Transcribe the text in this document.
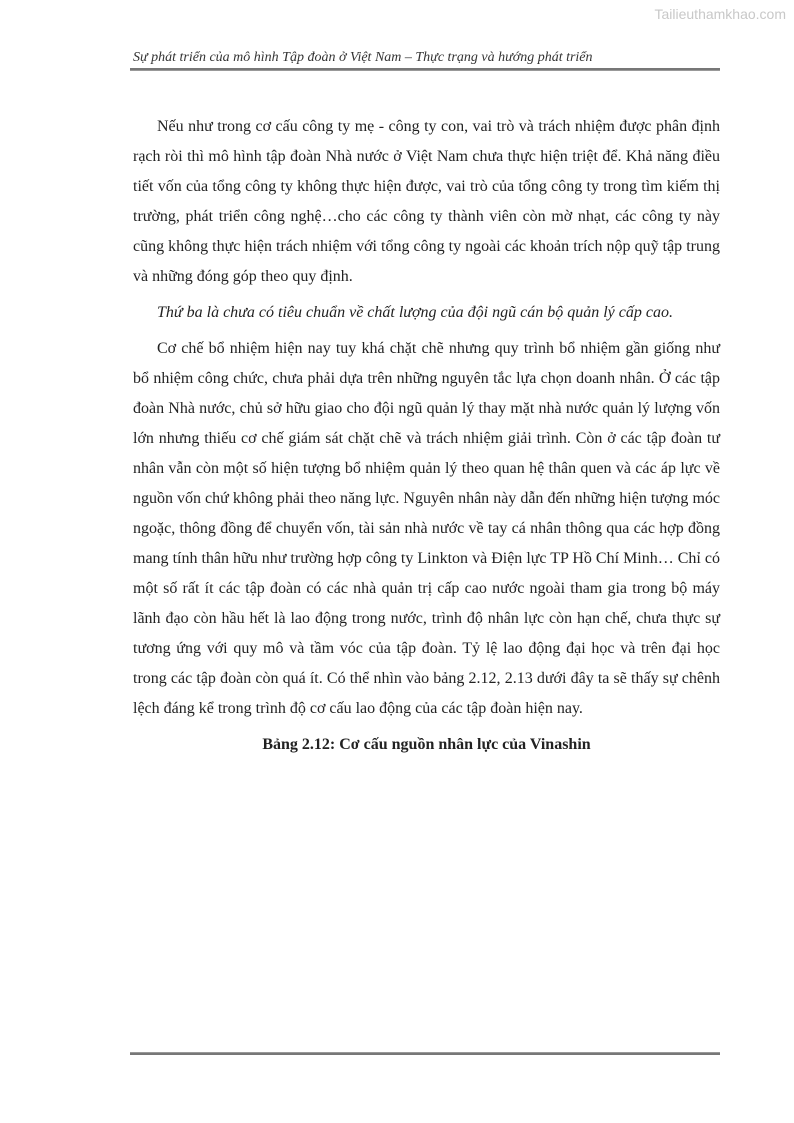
Tailieuthamkhao.com
Sự phát triển của mô hình Tập đoàn ở Việt Nam – Thực trạng và hướng phát triển

Nếu như trong cơ cấu công ty mẹ - công ty con, vai trò và trách nhiệm được phân định rạch ròi thì mô hình tập đoàn Nhà nước ở Việt Nam chưa thực hiện triệt để. Khả năng điều tiết vốn của tổng công ty không thực hiện được, vai trò của tổng công ty trong tìm kiếm thị trường, phát triển công nghệ…cho các công ty thành viên còn mờ nhạt, các công ty này cũng không thực hiện trách nhiệm với tổng công ty ngoài các khoản trích nộp quỹ tập trung và những đóng góp theo quy định.

Thứ ba là chưa có tiêu chuẩn về chất lượng của đội ngũ cán bộ quản lý cấp cao.

Cơ chế bổ nhiệm hiện nay tuy khá chặt chẽ nhưng quy trình bổ nhiệm gần giống như bổ nhiệm công chức, chưa phải dựa trên những nguyên tắc lựa chọn doanh nhân. Ở các tập đoàn Nhà nước, chủ sở hữu giao cho đội ngũ quản lý thay mặt nhà nước quản lý lượng vốn lớn nhưng thiếu cơ chế giám sát chặt chẽ và trách nhiệm giải trình. Còn ở các tập đoàn tư nhân vẫn còn một số hiện tượng bổ nhiệm quản lý theo quan hệ thân quen và các áp lực về nguồn vốn chứ không phải theo năng lực. Nguyên nhân này dẫn đến những hiện tượng móc ngoặc, thông đồng để chuyển vốn, tài sản nhà nước về tay cá nhân thông qua các hợp đồng mang tính thân hữu như trường hợp công ty Linkton và Điện lực TP Hồ Chí Minh… Chỉ có một số rất ít các tập đoàn có các nhà quản trị cấp cao nước ngoài tham gia trong bộ máy lãnh đạo còn hầu hết là lao động trong nước, trình độ nhân lực còn hạn chế, chưa thực sự tương ứng với quy mô và tầm vóc của tập đoàn. Tỷ lệ lao động đại học và trên đại học trong các tập đoàn còn quá ít. Có thể nhìn vào bảng 2.12, 2.13 dưới đây ta sẽ thấy sự chênh lệch đáng kể trong trình độ cơ cấu lao động của các tập đoàn hiện nay.

Bảng 2.12: Cơ cấu nguồn nhân lực của Vinashin
